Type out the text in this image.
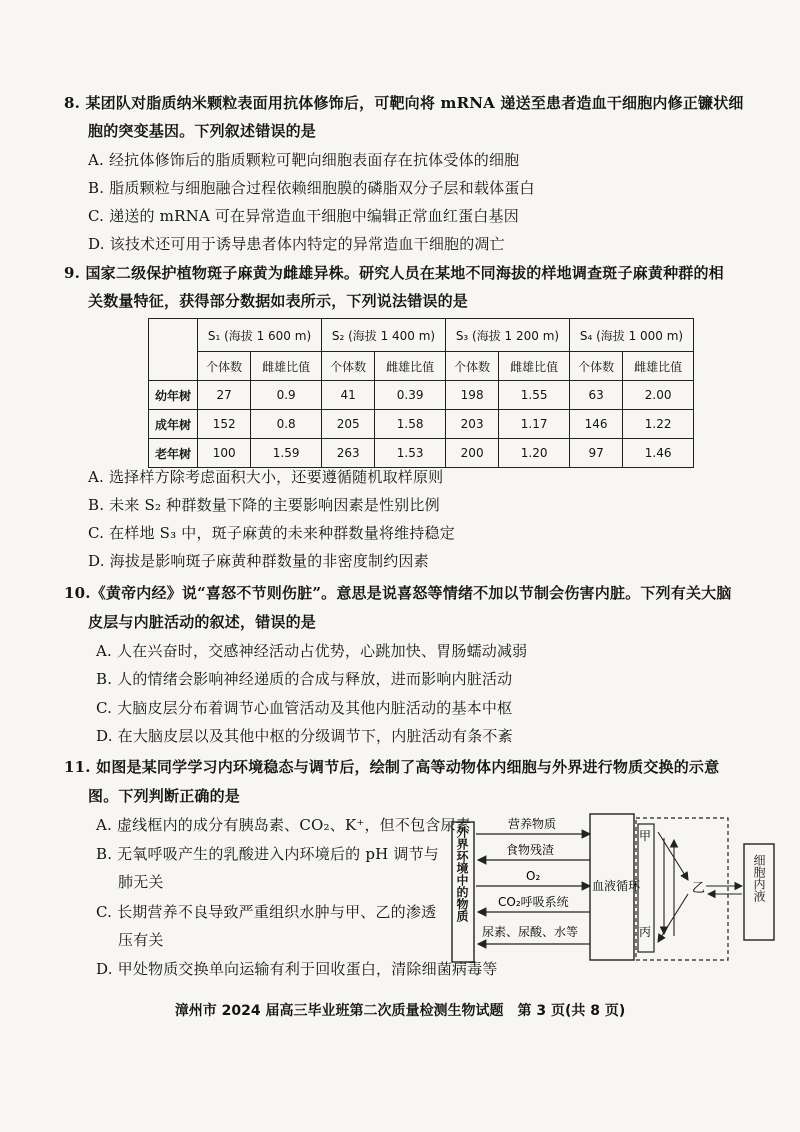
8. 某团队对脂质纳米颗粒表面用抗体修饰后，可靶向将 mRNA 递送至患者造血干细胞内修正镰状细
胞的突变基因。下列叙述错误的是
A. 经抗体修饰后的脂质颗粒可靶向细胞表面存在抗体受体的细胞
B. 脂质颗粒与细胞融合过程依赖细胞膜的磷脂双分子层和载体蛋白
C. 递送的 mRNA 可在异常造血干细胞中编辑正常血红蛋白基因
D. 该技术还可用于诱导患者体内特定的异常造血干细胞的凋亡
9. 国家二级保护植物斑子麻黄为雌雄异株。研究人员在某地不同海拔的样地调查斑子麻黄种群的相
关数量特征，获得部分数据如表所示，下列说法错误的是
	S₁ (海拔 1 600 m)		S₂ (海拔 1 400 m)		S₃ (海拔 1 200 m)		S₄ (海拔 1 000 m)	
	个体数	雌雄比值	个体数	雌雄比值	个体数	雌雄比值	个体数	雌雄比值
幼年树	27	0.9	41	0.39	198	1.55	63	2.00
成年树	152	0.8	205	1.58	203	1.17	146	1.22
老年树	100	1.59	263	1.53	200	1.20	97	1.46
A. 选择样方除考虑面积大小，还要遵循随机取样原则
B. 未来 S₂ 种群数量下降的主要影响因素是性别比例
C. 在样地 S₃ 中，斑子麻黄的未来种群数量将维持稳定
D. 海拔是影响斑子麻黄种群数量的非密度制约因素
10.《黄帝内经》说“喜怒不节则伤脏”。意思是说喜怒等情绪不加以节制会伤害内脏。下列有关大脑
皮层与内脏活动的叙述，错误的是
A. 人在兴奋时，交感神经活动占优势，心跳加快、胃肠蠕动减弱
B. 人的情绪会影响神经递质的合成与释放，进而影响内脏活动
C. 大脑皮层分布着调节心血管活动及其他内脏活动的基本中枢
D. 在大脑皮层以及其他中枢的分级调节下，内脏活动有条不紊
11. 如图是某同学学习内环境稳态与调节后，绘制了高等动物体内细胞与外界进行物质交换的示意
图。下列判断正确的是
A. 虚线框内的成分有胰岛素、CO₂、K⁺，但不包含尿素
B. 无氧呼吸产生的乳酸进入内环境后的 pH 调节与
肺无关
C. 长期营养不良导致严重组织水肿与甲、乙的渗透
压有关
D. 甲处物质交换单向运输有利于回收蛋白，清除细菌病毒等
外界环境中的物质
营养物质
食物残渣
O₂
CO₂呼吸系统
尿素、尿酸、水等
血液循环
甲
丙
乙	细胞内液
漳州市 2024 届高三毕业班第二次质量检测生物试题　第 3 页(共 8 页)
